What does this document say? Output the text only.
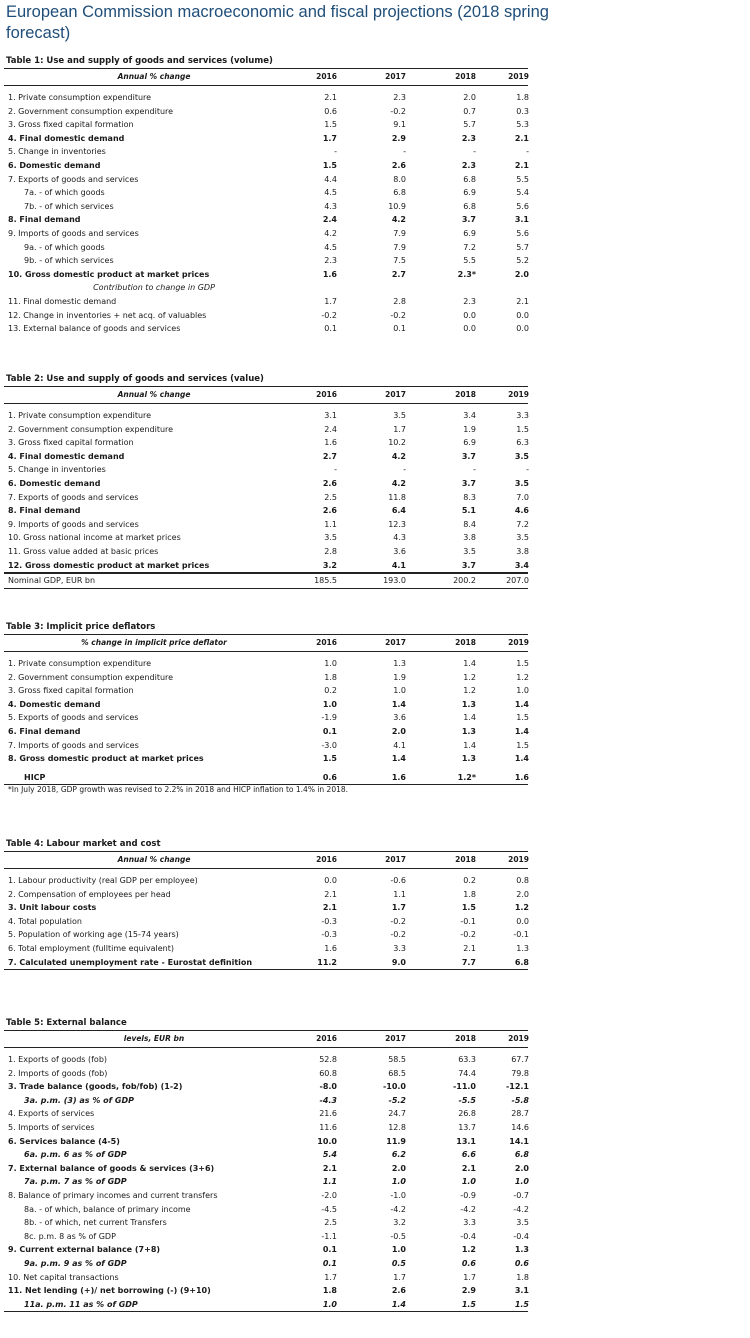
European Commission macroeconomic and fiscal projections (2018 spring forecast)
Table 1: Use and supply of goods and services (volume)
Annual % change	2016	2017	2018	2019
1. Private consumption expenditure	2.1	2.3	2.0	1.8
2. Government consumption expenditure	0.6	-0.2	0.7	0.3
3. Gross fixed capital formation	1.5	9.1	5.7	5.3
4. Final domestic demand	1.7	2.9	2.3	2.1
5. Change in inventories	-	-	-	-
6. Domestic demand	1.5	2.6	2.3	2.1
7. Exports of goods and services	4.4	8.0	6.8	5.5
7a. - of which goods	4.5	6.8	6.9	5.4
7b. - of which services	4.3	10.9	6.8	5.6
8. Final demand	2.4	4.2	3.7	3.1
9. Imports of goods and services	4.2	7.9	6.9	5.6
9a. - of which goods	4.5	7.9	7.2	5.7
9b. - of which services	2.3	7.5	5.5	5.2
10. Gross domestic product at market prices	1.6	2.7	2.3*	2.0
Contribution to change in GDP
11. Final domestic demand	1.7	2.8	2.3	2.1
12. Change in inventories + net acq. of valuables	-0.2	-0.2	0.0	0.0
13. External balance of goods and services	0.1	0.1	0.0	0.0
Table 2: Use and supply of goods and services (value)
Annual % change	2016	2017	2018	2019
1. Private consumption expenditure	3.1	3.5	3.4	3.3
2. Government consumption expenditure	2.4	1.7	1.9	1.5
3. Gross fixed capital formation	1.6	10.2	6.9	6.3
4. Final domestic demand	2.7	4.2	3.7	3.5
5. Change in inventories	-	-	-	-
6. Domestic demand	2.6	4.2	3.7	3.5
7. Exports of goods and services	2.5	11.8	8.3	7.0
8. Final demand	2.6	6.4	5.1	4.6
9. Imports of goods and services	1.1	12.3	8.4	7.2
10. Gross national income at market prices	3.5	4.3	3.8	3.5
11. Gross value added at basic prices	2.8	3.6	3.5	3.8
12. Gross domestic product at market prices	3.2	4.1	3.7	3.4
Nominal GDP, EUR bn	185.5	193.0	200.2	207.0
Table 3: Implicit price deflators
% change in implicit price deflator	2016	2017	2018	2019
1. Private consumption expenditure	1.0	1.3	1.4	1.5
2. Government consumption expenditure	1.8	1.9	1.2	1.2
3. Gross fixed capital formation	0.2	1.0	1.2	1.0
4. Domestic demand	1.0	1.4	1.3	1.4
5. Exports of goods and services	-1.9	3.6	1.4	1.5
6. Final demand	0.1	2.0	1.3	1.4
7. Imports of goods and services	-3.0	4.1	1.4	1.5
8. Gross domestic product at market prices	1.5	1.4	1.3	1.4
HICP	0.6	1.6	1.2*	1.6
*In July 2018, GDP growth was revised to 2.2% in 2018 and HICP inflation to 1.4% in 2018.
Table 4: Labour market and cost
Annual % change	2016	2017	2018	2019
1. Labour productivity (real GDP per employee)	0.0	-0.6	0.2	0.8
2. Compensation of employees per head	2.1	1.1	1.8	2.0
3. Unit labour costs	2.1	1.7	1.5	1.2
4. Total population	-0.3	-0.2	-0.1	0.0
5. Population of working age (15-74 years)	-0.3	-0.2	-0.2	-0.1
6. Total employment (fulltime equivalent)	1.6	3.3	2.1	1.3
7. Calculated unemployment rate - Eurostat definition	11.2	9.0	7.7	6.8
Table 5: External balance
levels, EUR bn	2016	2017	2018	2019
1. Exports of goods (fob)	52.8	58.5	63.3	67.7
2. Imports of goods (fob)	60.8	68.5	74.4	79.8
3. Trade balance (goods, fob/fob) (1-2)	-8.0	-10.0	-11.0	-12.1
3a. p.m. (3) as % of GDP	-4.3	-5.2	-5.5	-5.8
4. Exports of services	21.6	24.7	26.8	28.7
5. Imports of services	11.6	12.8	13.7	14.6
6. Services balance (4-5)	10.0	11.9	13.1	14.1
6a. p.m. 6 as % of GDP	5.4	6.2	6.6	6.8
7. External balance of goods & services (3+6)	2.1	2.0	2.1	2.0
7a. p.m. 7 as % of GDP	1.1	1.0	1.0	1.0
8. Balance of primary incomes and current transfers	-2.0	-1.0	-0.9	-0.7
8a. - of which, balance of primary income	-4.5	-4.2	-4.2	-4.2
8b. - of which, net current Transfers	2.5	3.2	3.3	3.5
8c. p.m. 8 as % of GDP	-1.1	-0.5	-0.4	-0.4
9. Current external balance (7+8)	0.1	1.0	1.2	1.3
9a. p.m. 9 as % of GDP	0.1	0.5	0.6	0.6
10. Net capital transactions	1.7	1.7	1.7	1.8
11. Net lending (+)/ net borrowing (-) (9+10)	1.8	2.6	2.9	3.1
11a. p.m. 11 as % of GDP	1.0	1.4	1.5	1.5
